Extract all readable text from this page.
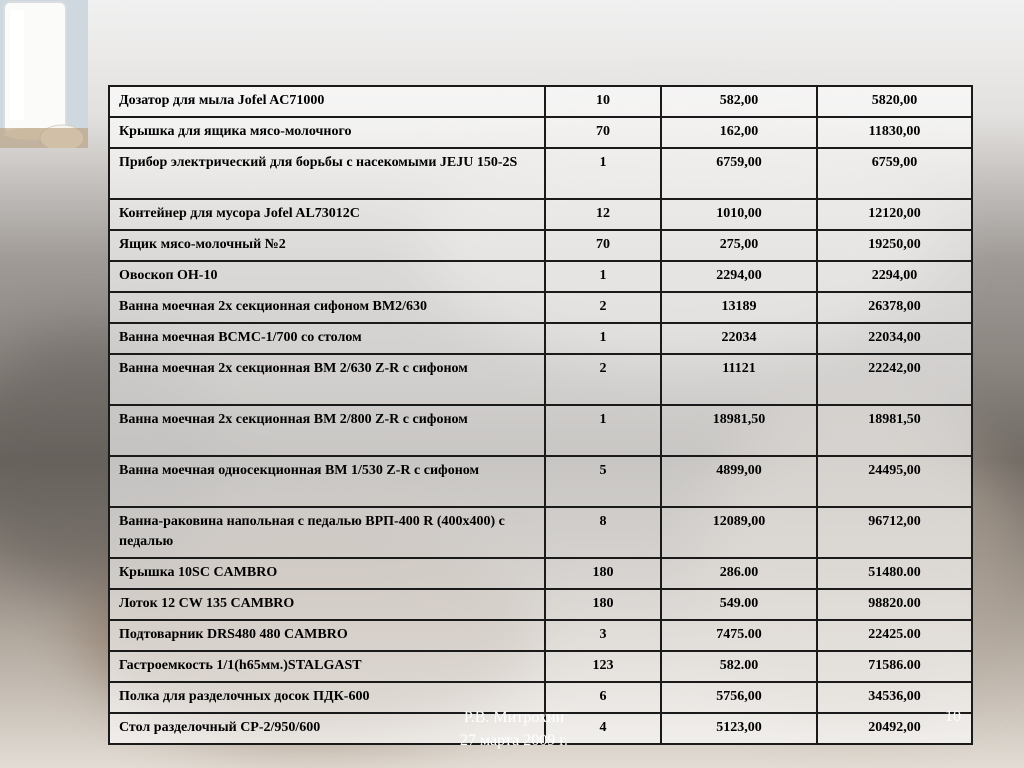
Дозатор для мыла Jofel AC71000	10	582,00	5820,00
Крышка для ящика мясо-молочного	70	162,00	11830,00
Прибор электрический для борьбы с насекомыми JEJU 150-2S	1	6759,00	6759,00
Контейнер для мусора Jofel AL73012C	12	1010,00	12120,00
Ящик мясо-молочный №2	70	275,00	19250,00
Овоскоп ОН-10	1	2294,00	2294,00
Ванна моечная 2х секционная сифоном ВМ2/630	2	13189	26378,00
Ванна моечная ВСМС-1/700 со столом	1	22034	22034,00
Ванна моечная 2х секционная ВМ 2/630 Z-R с сифоном	2	11121	22242,00
Ванна моечная 2х секционная ВМ 2/800 Z-R с сифоном	1	18981,50	18981,50
Ванна моечная односекционная ВМ 1/530 Z-R с сифоном	5	4899,00	24495,00
Ванна-раковина напольная с педалью ВРП-400 R (400х400) с педалью	8	12089,00	96712,00
Крышка 10SC CAMBRO	180	286.00	51480.00
Лоток 12 CW 135 CAMBRO	180	549.00	98820.00
Подтоварник DRS480 480 CAMBRO	3	7475.00	22425.00
Гастроемкость 1/1(h65мм.)STALGAST	123	582.00	71586.00
Полка для разделочных досок ПДК-600	6	5756,00	34536,00
Стол разделочный СР-2/950/600	4	5123,00	20492,00
Р.В. Митрохин
27 марта 2009 г.
10
